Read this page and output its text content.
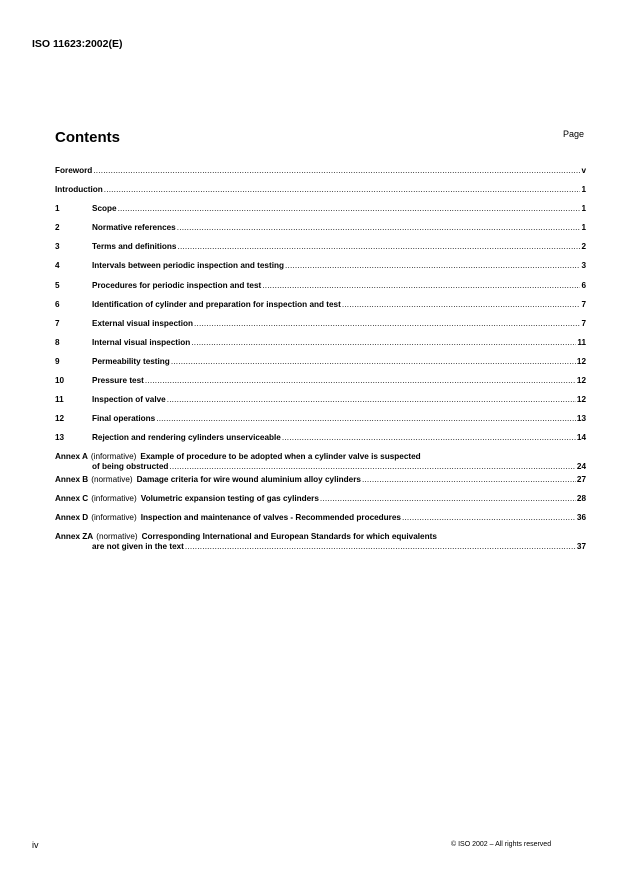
ISO 11623:2002(E)
Contents	Page
Foreword .....	v
Introduction .....	1
1	Scope .....	1
2	Normative references .....	1
3	Terms and definitions .....	2
4	Intervals between periodic inspection and testing .....	3
5	Procedures for periodic inspection and test .....	6
6	Identification of cylinder and preparation for inspection and test .....	7
7	External visual inspection .....	7
8	Internal visual inspection .....	11
9	Permeability testing .....	12
10	Pressure test .....	12
11	Inspection of valve .....	12
12	Final operations .....	13
13	Rejection and rendering cylinders unserviceable .....	14
Annex A (informative) Example of procedure to be adopted when a cylinder valve is suspected
of being obstructed .....	24
Annex B (normative) Damage criteria for wire wound aluminium alloy cylinders .....	27
Annex C (informative) Volumetric expansion testing of gas cylinders .....	28
Annex D (informative) Inspection and maintenance of valves - Recommended procedures .....	36
Annex ZA (normative) Corresponding International and European Standards for which equivalents
are not given in the text .....	37
iv	© ISO 2002 – All rights reserved
